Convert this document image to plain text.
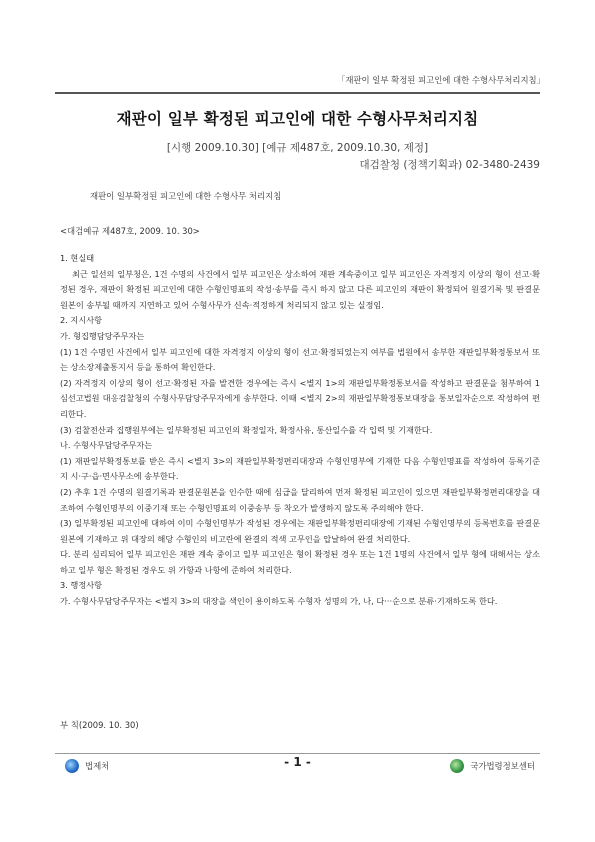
「재판이 일부 확정된 피고인에 대한 수형사무처리지침」
재판이 일부 확정된 피고인에 대한 수형사무처리지침
[시행 2009.10.30] [예규 제487호, 2009.10.30, 제정]
대검찰청 (정책기획과) 02-3480-2439
재판이 일부확정된 피고인에 대한 수형사무 처리지침
<대검예규 제487호, 2009. 10. 30>

1. 현실태

최근 일선의 일부청은, 1건 수명의 사건에서 일부 피고인은 상소하여 재판 계속중이고 일부 피고인은 자격정지 이상의 형이 선고·확정된 경우, 재판이 확정된 피고인에 대한 수형인명표의 작성·송부를 즉시 하지 않고 다른 피고인의 재판이 확정되어 원결기록 및 판결문원본이 송부될 때까지 지연하고 있어 수형사무가 신속·적정하게 처리되지 않고 있는 실정임.

2. 지시사항

가. 형집행담당주무자는

(1) 1건 수명인 사건에서 일부 피고인에 대한 자격정지 이상의 형이 선고·확정되었는지 여부를 법원에서 송부한 재판일부확정통보서 또는 상소장제출통지서 등을 통하여 확인한다.

(2) 자격정지 이상의 형이 선고·확정된 자를 발견한 경우에는 즉시 <별지 1>의 재판일부확정통보서를 작성하고 판결문을 첨부하여 1심선고법원 대응검찰청의 수형사무담당주무자에게 송부한다. 이때 <별지 2>의 재판일부확정통보대장을 통보일자순으로 작성하여 편리한다.

(3) 검찰전산과 집행원부에는 일부확정된 피고인의 확정일자, 확정사유, 통산일수를 각 입력 및 기재한다.

나. 수형사무담당주무자는

(1) 재판일부확정통보를 받은 즉시 <별지 3>의 재판일부확정편리대장과 수형인명부에 기재한 다음 수형인명표를 작성하여 등록기준지 시·구·읍·면사무소에 송부한다.

(2) 추후 1건 수명의 원결기록과 판결문원본을 인수한 때에 심급을 달리하여 먼저 확정된 피고인이 있으면 재판일부확정편리대장을 대조하여 수형인명부의 이중기재 또는 수형인명표의 이중송부 등 착오가 발생하지 않도록 주의해야 한다.

(3) 일부확정된 피고인에 대하여 이미 수형인명부가 작성된 경우에는 재판일부확정편리대장에 기재된 수형인명부의 등록번호를 판결문 원본에 기재하고 위 대장의 해당 수형인의 비고란에 완결의 적색 고무인을 압날하여 완결 처리한다.

다. 분리 심리되어 일부 피고인은 재판 계속 중이고 일부 피고인은 형이 확정된 경우 또는 1건 1명의 사건에서 일부 형에 대해서는 상소하고 일부 형은 확정된 경우도 위 가항과 나항에 준하여 처리한다.

3. 행정사항

가. 수형사무담당주무자는 <별지 3>의 대장을 색인이 용이하도록 수형자 성명의 가, 나, 다···순으로 분류·기재하도록 한다.

부 칙(2009. 10. 30)
법제처	- 1 -	국가법령정보센터
